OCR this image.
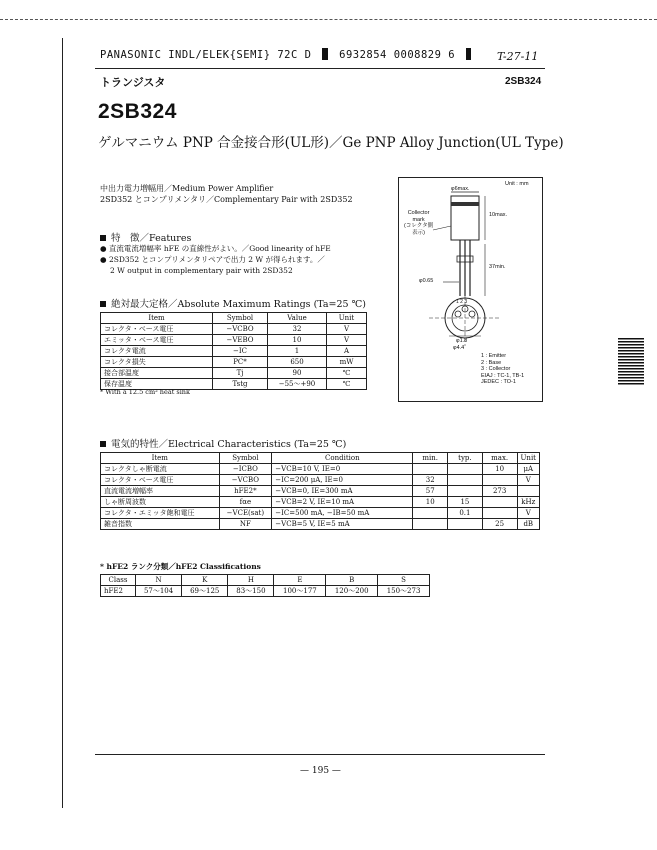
PANASONIC INDL/ELEK{SEMI} 72C D	6932854 0008829 6	T-27-11
トランジスタ	2SB324
2SB324
ゲルマニウム PNP 合金接合形(UL形)／Ge PNP Alloy Junction(UL Type)
中出力電力増幅用／Medium Power Amplifier
2SD352 とコンプリメンタリ／Complementary Pair with 2SD352
特　徴／Features
● 直流電流増幅率 hFE の直線性がよい。／Good linearity of hFE
● 2SD352 とコンプリメンタリペアで出力 2 W が得られます。／
2 W output in complementary pair with 2SD352
絶対最大定格／Absolute Maximum Ratings (Ta=25 ℃)
Item	Symbol	Value	Unit
コレクタ・ベース電圧	−VCBO	32	V
エミッタ・ベース電圧	−VEBO	10	V
コレクタ電流	−IC	1	A
コレクタ損失	PC*	650	mW
接合部温度	Tj	90	℃
保存温度	Tstg	−55〜+90	℃
* With a 12.5 cm² heat sink
Unit : mm
φ6max.
10max.
Collector
mark
(コレクタ側
表示)
φ0.65
37min.
1 2 3
φ1.8
φ4.4
1 : Emitter
2 : Base
3 : Collector
EIAJ : TC-1, TB-1
JEDEC : TO-1
電気的特性／Electrical Characteristics (Ta=25 ℃)
Item	Symbol	Condition	min.	typ.	max.	Unit
コレクタしゃ断電流	−ICBO	−VCB=10 V, IE=0			10	μA
コレクタ・ベース電圧	−VCBO	−IC=200 μA, IE=0	32			V
直流電流増幅率	hFE2*	−VCB=0, IE=300 mA	57		273	
しゃ断周波数	fαe	−VCB=2 V, IE=10 mA	10	15		kHz
コレクタ・エミッタ飽和電圧	−VCE(sat)	−IC=500 mA, −IB=50 mA		0.1		V
雑音指数	NF	−VCB=5 V, IE=5 mA			25	dB
* hFE2 ランク分類／hFE2 Classifications
Class	N	K	H	E	B	S
hFE2	57〜104	69〜125	83〜150	100〜177	120〜200	150〜273
— 195 —
